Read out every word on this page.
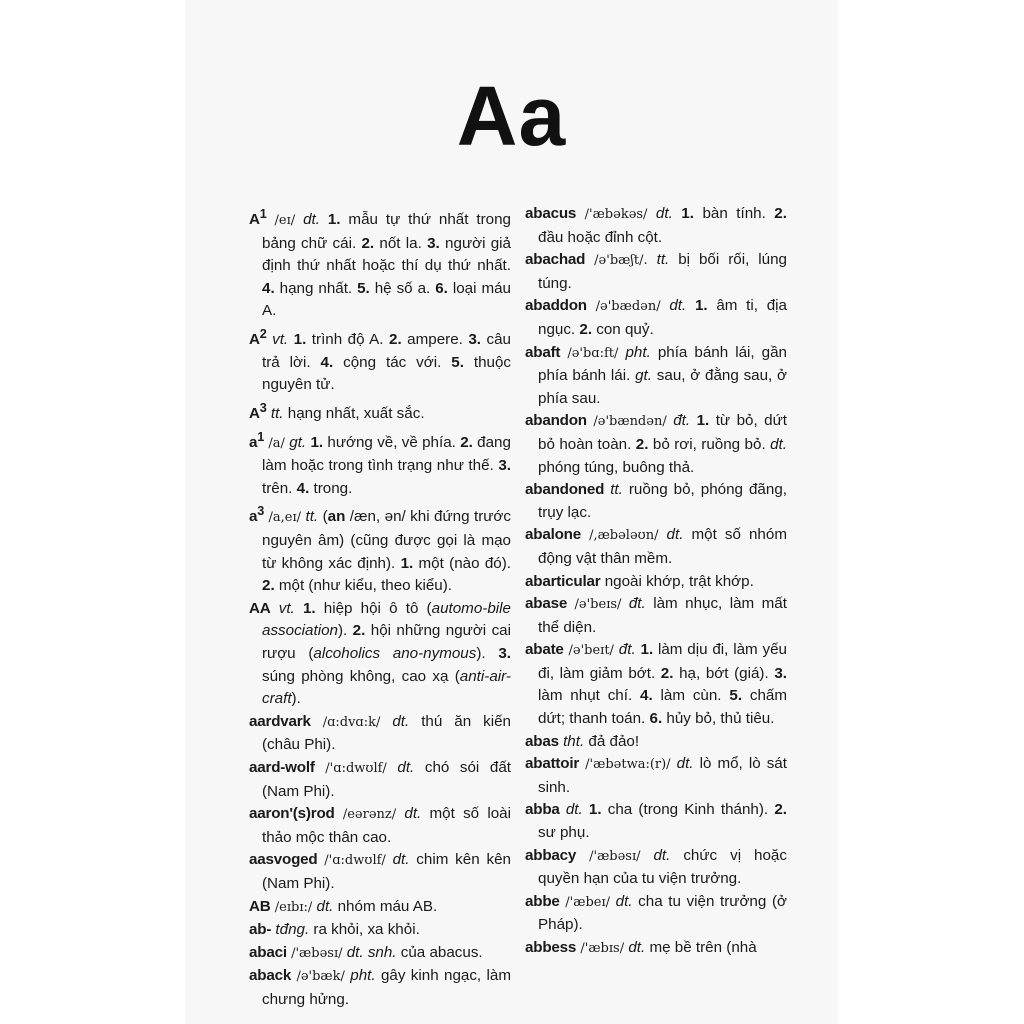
Aa
$A^1$ /eɪ/ dt. 1. mẫu tự thứ nhất trong bảng chữ cái. 2. nốt la. 3. người giả định thứ nhất hoặc thí dụ thứ nhất. 4. hạng nhất. 5. hệ số a. 6. loại máu A.
$A^2$ vt. 1. trình độ A. 2. ampere. 3. câu trả lời. 4. cộng tác với. 5. thuộc nguyên tử.
$A^3$ tt. hạng nhất, xuất sắc.
$a^1$ /a/ gt. 1. hướng về, về phía. 2. đang làm hoặc trong tình trạng như thế. 3. trên. 4. trong.
$a^3$ /a,eɪ/ tt. (an /æn, ən/ khi đứng trước nguyên âm) (cũng được gọi là mạo từ không xác định). 1. một (nào đó). 2. một (như kiểu, theo kiểu).
AA vt. 1. hiệp hội ô tô (automo-bile association). 2. hội những người cai rượu (alcoholics ano-nymous). 3. súng phòng không, cao xạ (anti-air-craft).
aardvark /ɑ:dvɑ:k/ dt. thú ăn kiến (châu Phi).
aard-wolf /'ɑ:dwʊlf/ dt. chó sói đất (Nam Phi).
aaron'(s)rod /eərənz/ dt. một số loài thảo mộc thân cao.
aasvoged /'ɑ:dwʊlf/ dt. chim kên kên (Nam Phi).
AB /eɪbɪ:/ dt. nhóm máu AB.
ab- tđng. ra khỏi, xa khỏi.
abaci /'æbəsɪ/ dt. snh. của abacus.
aback /ə'bæk/ pht. gây kinh ngạc, làm chưng hửng.
abacus /'æbəkəs/ dt. 1. bàn tính. 2. đầu hoặc đỉnh cột.
abachad /ə'bæʃt/. tt. bị bối rối, lúng túng.
abaddon /ə'bædən/ dt. 1. âm ti, địa ngục. 2. con quỷ.
abaft /ə'bɑ:ft/ pht. phía bánh lái, gần phía bánh lái. gt. sau, ở đằng sau, ở phía sau.
abandon /ə'bændən/ đt. 1. từ bỏ, dứt bỏ hoàn toàn. 2. bỏ rơi, ruồng bỏ. dt. phóng túng, buông thả.
abandoned tt. ruồng bỏ, phóng đãng, trụy lạc.
abalone /,æbələʊn/ dt. một số nhóm động vật thân mềm.
abarticular ngoài khớp, trật khớp.
abase /ə'beɪs/ đt. làm nhục, làm mất thể diện.
abate /ə'beɪt/ đt. 1. làm dịu đi, làm yếu đi, làm giảm bớt. 2. hạ, bớt (giá). 3. làm nhụt chí. 4. làm cùn. 5. chấm dứt; thanh toán. 6. hủy bỏ, thủ tiêu.
abas tht. đả đảo!
abattoir /'æbətwa:(r)/ dt. lò mổ, lò sát sinh.
abba dt. 1. cha (trong Kinh thánh). 2. sư phụ.
abbacy /'æbəsɪ/ dt. chức vị hoặc quyền hạn của tu viện trưởng.
abbe /'æbeɪ/ dt. cha tu viện trưởng (ở Pháp).
abbess /'æbɪs/ dt. mẹ bề trên (nhà
